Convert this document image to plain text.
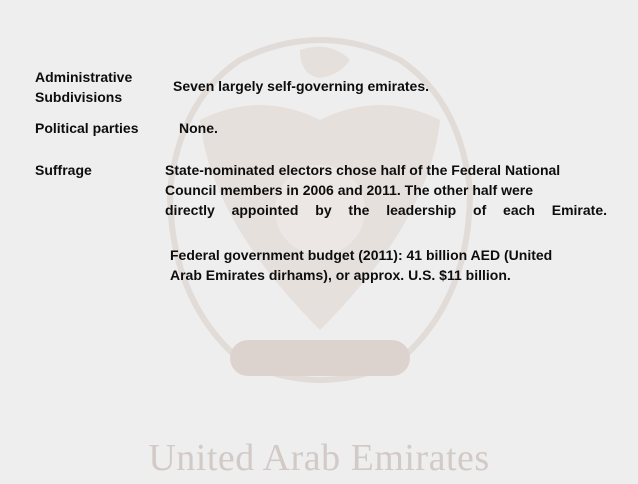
United Arab Emirates
Administrative
Subdivisions
Seven largely self-governing emirates.
Political parties	None.
Suffrage	State-nominated electors chose half of the Federal National
Council members in 2006 and 2011. The other half were
directly appointed by the leadership of each Emirate.
Federal government budget (2011): 41 billion AED (United
Arab Emirates dirhams), or approx. U.S. $11 billion.
